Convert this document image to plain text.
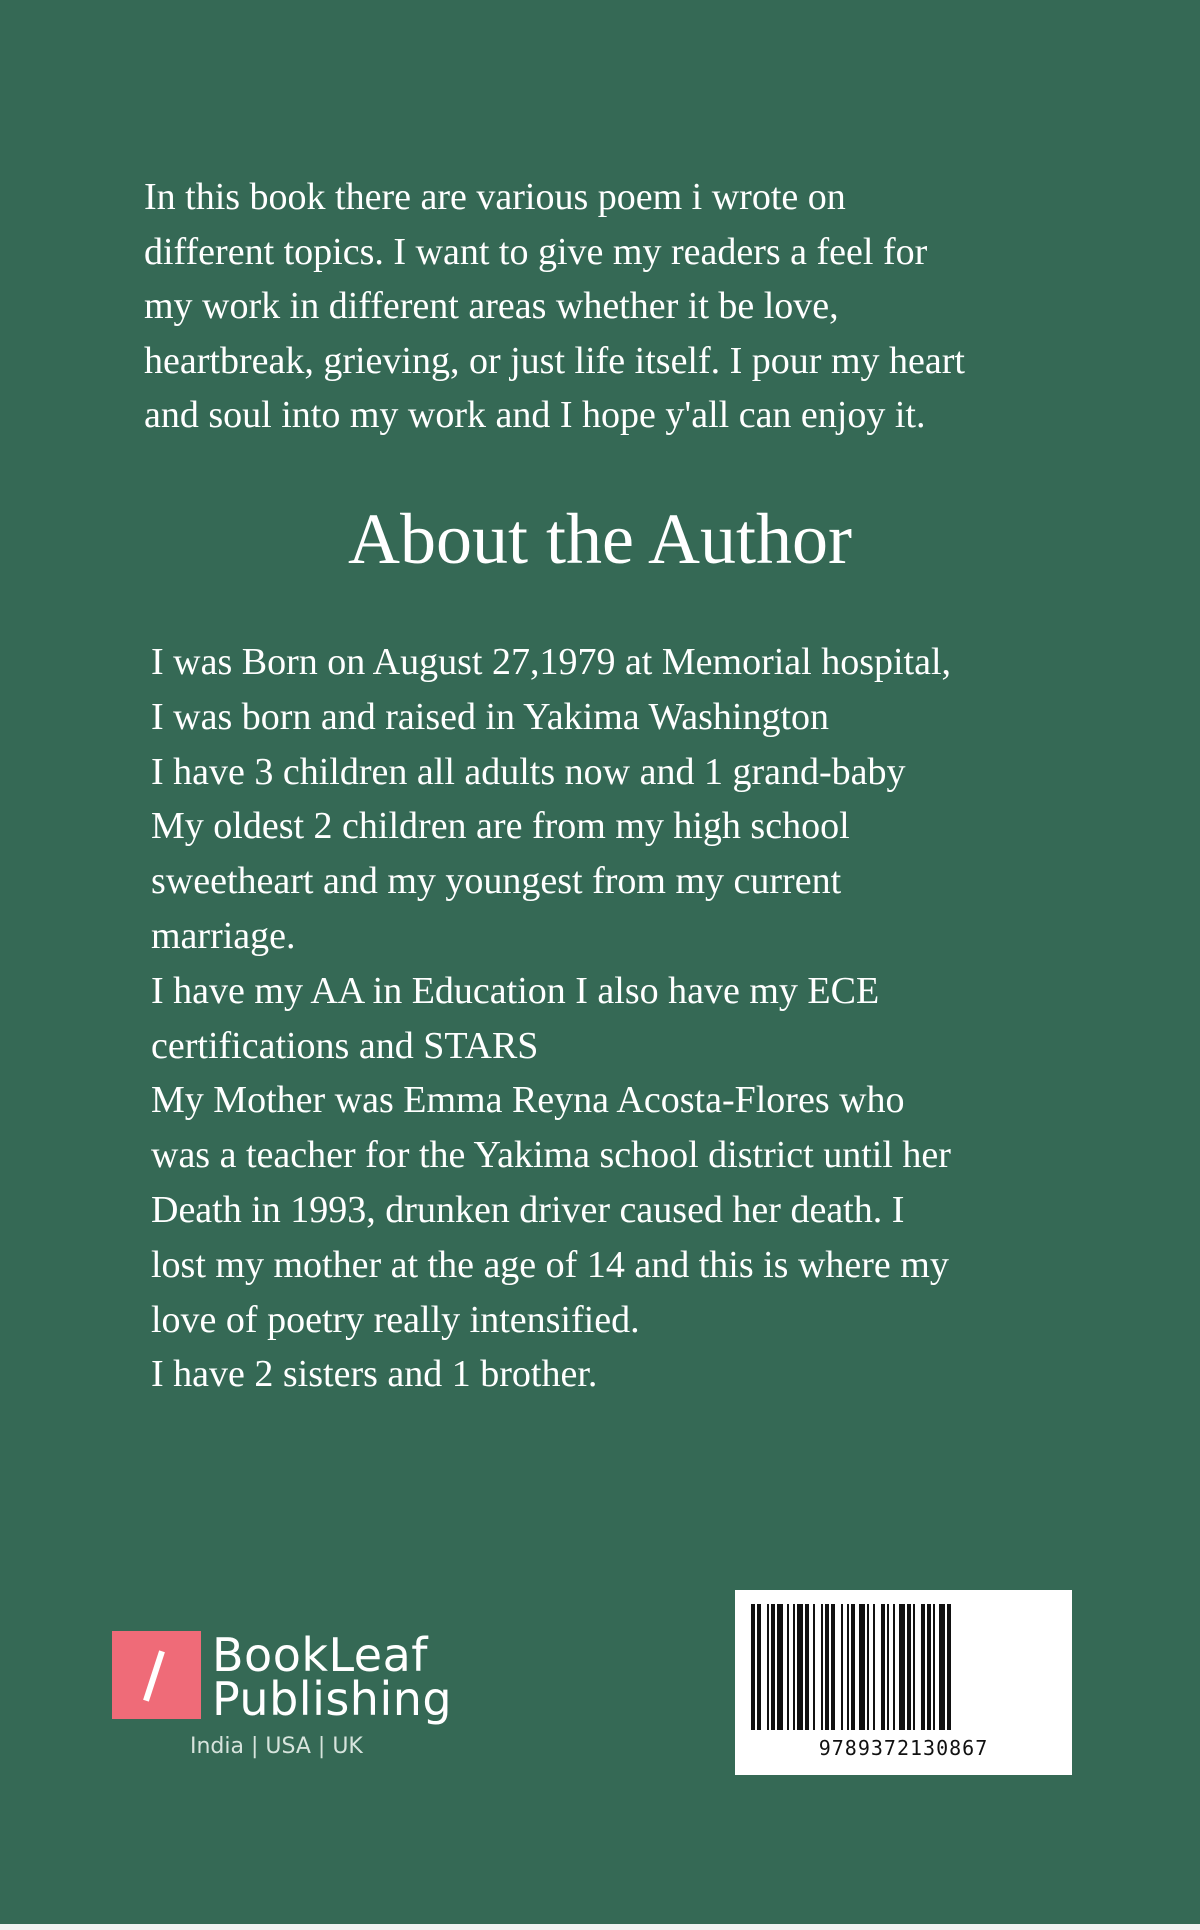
In this book there are various poem i wrote on
different topics. I want to give my readers a feel for
my work in different areas whether it be love,
heartbreak, grieving, or just life itself. I pour my heart
and soul into my work and I hope y'all can enjoy it.
About the Author
I was Born on August 27,1979 at Memorial hospital,
I was born and raised in Yakima Washington
I have 3 children all adults now and 1 grand-baby
My oldest 2 children are from my high school
sweetheart and my youngest from my current
marriage.
I have my AA in Education I also have my ECE
certifications and STARS
My Mother was Emma Reyna Acosta-Flores who
was a teacher for the Yakima school district until her
Death in 1993, drunken driver caused her death. I
lost my mother at the age of 14 and this is where my
love of poetry really intensified.
I have 2 sisters and 1 brother.
BookLeaf
Publishing
India | USA | UK	9789372130867
